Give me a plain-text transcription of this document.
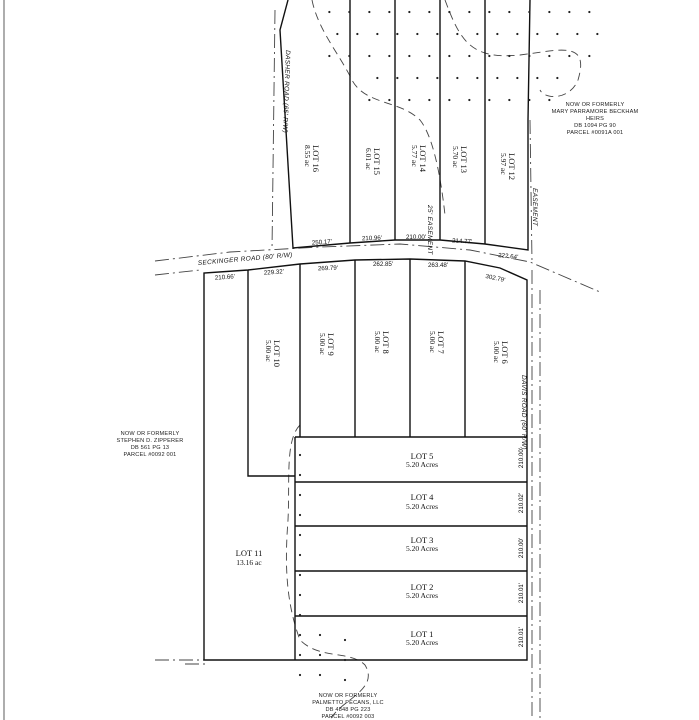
SECKINGER ROAD (80' R/W)
DAVIS ROAD (60' R/W)
DASHER ROAD (65' R/W)
EASEMENT
25' EASEMENT
LOT 16
8.55 ac	LOT 15
6.01 ac	LOT 14
5.77 ac	LOT 13
5.70 ac	LOT 12
5.97 ac
LOT 10
5.00 ac	LOT 9
5.00 ac	LOT 8
5.00 ac	LOT 7
5.00 ac	LOT 6
5.00 ac
LOT 5
5.20 Acres	210.00'
LOT 4
5.20 Acres	210.02'
LOT 3
5.20 Acres	210.00'
LOT 2
5.20 Acres	210.01'
LOT 1
5.20 Acres	210.01'
LOT 11
13.16 ac
250.17'	210.96'	210.00'	214.77'
222.64'
210.66'
229.32'	269.79'
262.85'	263.48'
302.79'
NOW OR FORMERLY
MARY PARRAMORE BECKHAM
HEIRS
DB 1094 PG 90
PARCEL #0091A 001
NOW OR FORMERLY
STEPHEN D. ZIPPERER
DB 561 PG 13
PARCEL #0092 001
NOW OR FORMERLY
PALMETTO PECANS, LLC
DB 4848 PG 223
PARCEL #0092 003
